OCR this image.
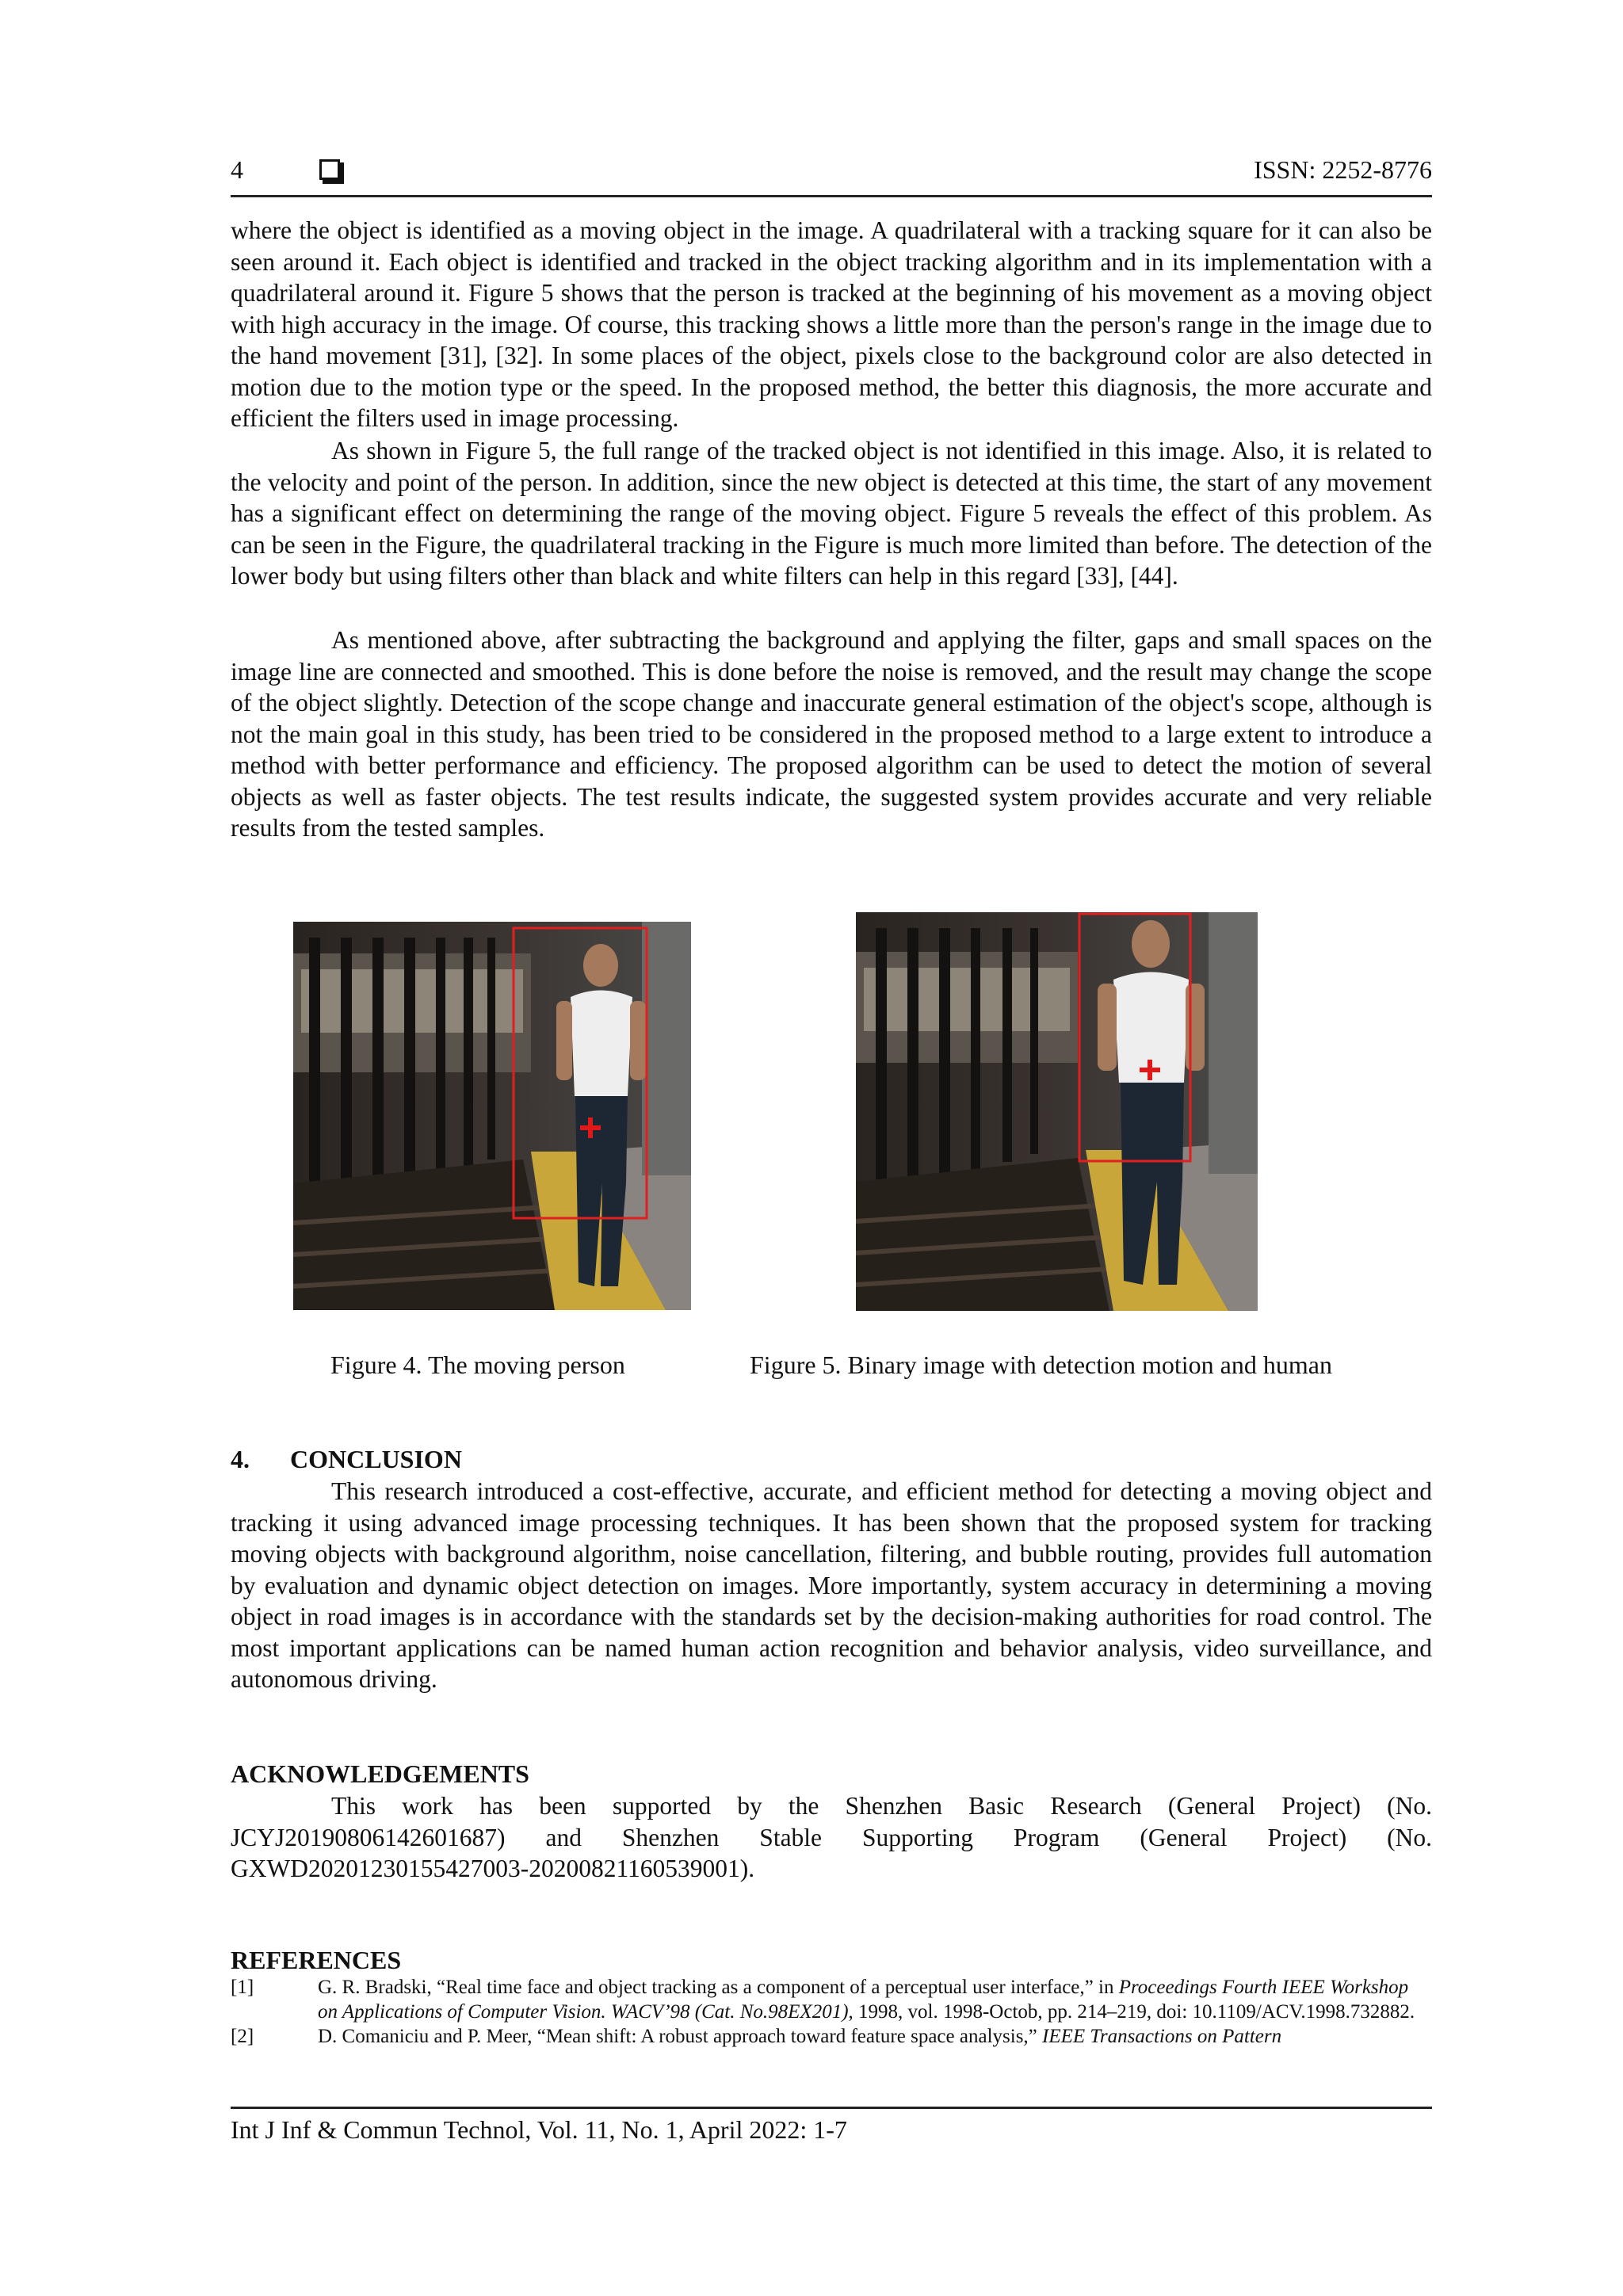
4	ISSN: 2252-8776

where the object is identified as a moving object in the image. A quadrilateral with a tracking square for it can also be seen around it. Each object is identified and tracked in the object tracking algorithm and in its implementation with a quadrilateral around it. Figure 5 shows that the person is tracked at the beginning of his movement as a moving object with high accuracy in the image. Of course, this tracking shows a little more than the person's range in the image due to the hand movement [31], [32]. In some places of the object, pixels close to the background color are also detected in motion due to the motion type or the speed. In the proposed method, the better this diagnosis, the more accurate and efficient the filters used in image processing.

As shown in Figure 5, the full range of the tracked object is not identified in this image. Also, it is related to the velocity and point of the person. In addition, since the new object is detected at this time, the start of any movement has a significant effect on determining the range of the moving object. Figure 5 reveals the effect of this problem. As can be seen in the Figure, the quadrilateral tracking in the Figure is much more limited than before. The detection of the lower body but using filters other than black and white filters can help in this regard [33], [44].

As mentioned above, after subtracting the background and applying the filter, gaps and small spaces on the image line are connected and smoothed. This is done before the noise is removed, and the result may change the scope of the object slightly. Detection of the scope change and inaccurate general estimation of the object's scope, although is not the main goal in this study, has been tried to be considered in the proposed method to a large extent to introduce a method with better performance and efficiency. The proposed algorithm can be used to detect the motion of several objects as well as faster objects. The test results indicate, the suggested system provides accurate and very reliable results from the tested samples.

Figure 4. The moving person	Figure 5. Binary image with detection motion and human
4. CONCLUSION

This research introduced a cost-effective, accurate, and efficient method for detecting a moving object and tracking it using advanced image processing techniques. It has been shown that the proposed system for tracking moving objects with background algorithm, noise cancellation, filtering, and bubble routing, provides full automation by evaluation and dynamic object detection on images. More importantly, system accuracy in determining a moving object in road images is in accordance with the standards set by the decision-making authorities for road control. The most important applications can be named human action recognition and behavior analysis, video surveillance, and autonomous driving.

ACKNOWLEDGEMENTS

This work has been supported by the Shenzhen Basic Research (General Project) (No. JCYJ20190806142601687) and Shenzhen Stable Supporting Program (General Project) (No. GXWD20201230155427003-20200821160539001).

REFERENCES
[1]	G. R. Bradski, “Real time face and object tracking as a component of a perceptual user interface,” in Proceedings Fourth IEEE Workshop on Applications of Computer Vision. WACV’98 (Cat. No.98EX201), 1998, vol. 1998-Octob, pp. 214–219, doi: 10.1109/ACV.1998.732882.
[2]	D. Comaniciu and P. Meer, “Mean shift: A robust approach toward feature space analysis,” IEEE Transactions on Pattern
Int J Inf & Commun Technol, Vol. 11, No. 1, April 2022: 1-7
